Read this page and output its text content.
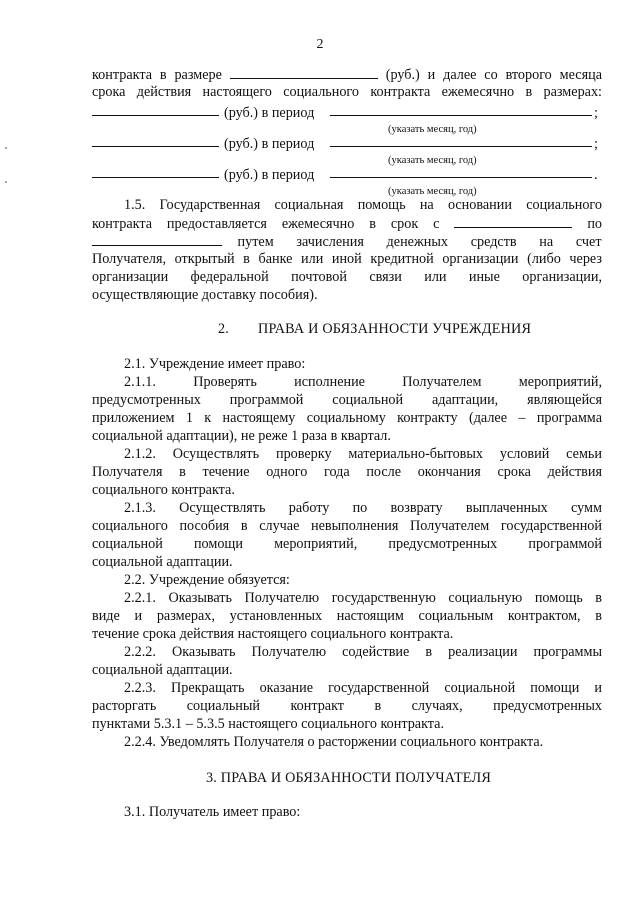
2
контракта в размере	(руб.) и далее со второго месяца
срока действия настоящего социального контракта ежемесячно в размерах:
(руб.) в период	;
(указать месяц, год)
(руб.) в период	;
(указать месяц, год)
(руб.) в период	.
(указать месяц, год)
1.5. Государственная социальная помощь на основании социального
контракта предоставляется ежемесячно в срок с	по
путем зачисления денежных средств на счет
Получателя, открытый в банке или иной кредитной организации (либо через
организации федеральной почтовой связи или иные организации,
осуществляющие доставку пособия).
2. ПРАВА И ОБЯЗАННОСТИ УЧРЕЖДЕНИЯ
2.1. Учреждение имеет право:
2.1.1. Проверять исполнение Получателем мероприятий,
предусмотренных программой социальной адаптации, являющейся
приложением 1 к настоящему социальному контракту (далее – программа
социальной адаптации), не реже 1 раза в квартал.
2.1.2. Осуществлять проверку материально-бытовых условий семьи
Получателя в течение одного года после окончания срока действия
социального контракта.
2.1.3. Осуществлять работу по возврату выплаченных сумм
социального пособия в случае невыполнения Получателем государственной
социальной помощи мероприятий, предусмотренных программой
социальной адаптации.
2.2. Учреждение обязуется:
2.2.1. Оказывать Получателю государственную социальную помощь в
виде и размерах, установленных настоящим социальным контрактом, в
течение срока действия настоящего социального контракта.
2.2.2. Оказывать Получателю содействие в реализации программы
социальной адаптации.
2.2.3. Прекращать оказание государственной социальной помощи и
расторгать социальный контракт в случаях, предусмотренных
пунктами 5.3.1 – 5.3.5 настоящего социального контракта.
2.2.4. Уведомлять Получателя о расторжении социального контракта.
3. ПРАВА И ОБЯЗАННОСТИ ПОЛУЧАТЕЛЯ
3.1. Получатель имеет право:
